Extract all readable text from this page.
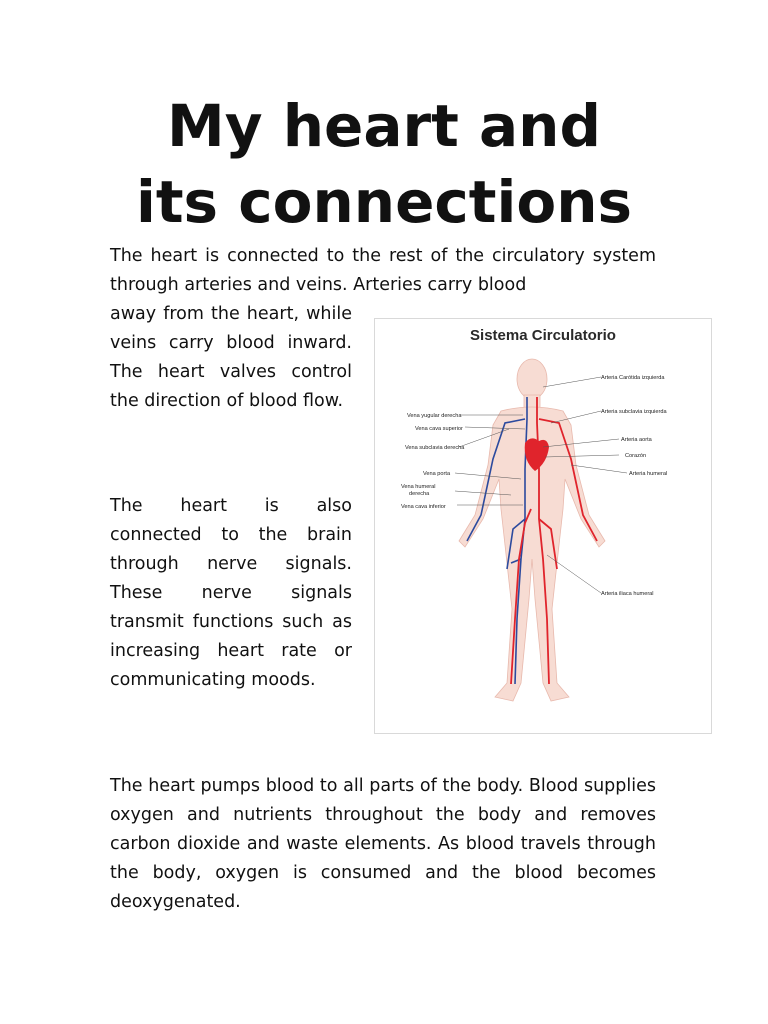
My heart and
its connections

The heart is connected to the rest of the circulatory system through arteries and veins. Arteries carry blood

away from the heart, while veins carry blood inward. The heart valves control the direction of blood flow.

The heart is also connected to the brain through nerve signals. These nerve signals transmit functions such as increasing heart rate or communicating moods.

The heart pumps blood to all parts of the body. Blood supplies oxygen and nutrients throughout the body and removes carbon dioxide and waste elements. As blood travels through the body, oxygen is consumed and the blood becomes deoxygenated.

Sistema Circulatorio
Vena yugular derecha
Vena cava superior
Vena subclavia derecha
Vena porta
Vena humeral
derecha
Vena cava inferior
Arteria Carótida izquierda
Arteria subclavia izquierda
Arteria aorta
Corazón
Arteria humeral
Arteria iliaca humeral
